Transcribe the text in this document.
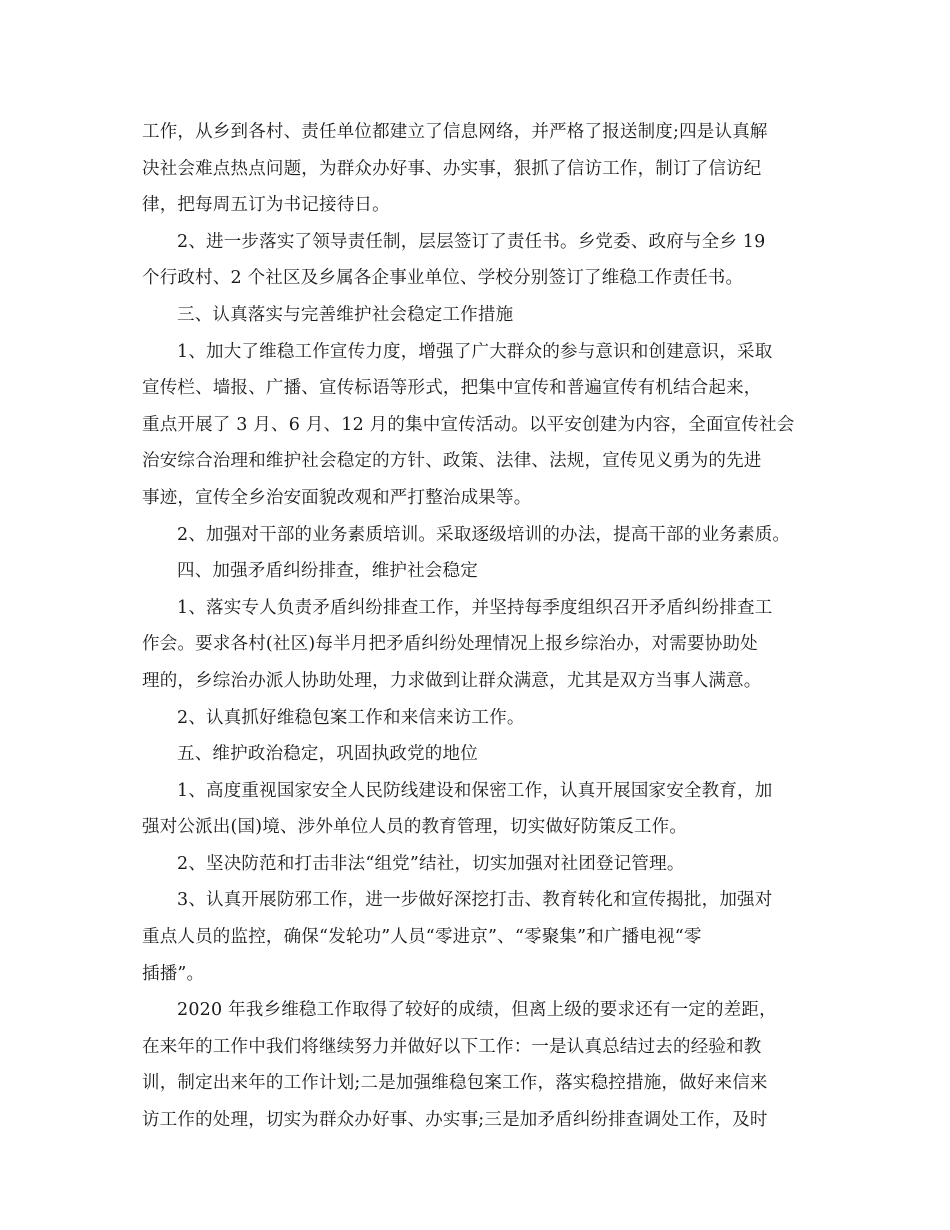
工作，从乡到各村、责任单位都建立了信息网络，并严格了报送制度;四是认真解
决社会难点热点问题，为群众办好事、办实事，狠抓了信访工作，制订了信访纪
律，把每周五订为书记接待日。
2、进一步落实了领导责任制，层层签订了责任书。乡党委、政府与全乡 19
个行政村、2 个社区及乡属各企事业单位、学校分别签订了维稳工作责任书。
三、认真落实与完善维护社会稳定工作措施
1、加大了维稳工作宣传力度，增强了广大群众的参与意识和创建意识，采取
宣传栏、墙报、广播、宣传标语等形式，把集中宣传和普遍宣传有机结合起来，
重点开展了 3 月、6 月、12 月的集中宣传活动。以平安创建为内容，全面宣传社会
治安综合治理和维护社会稳定的方针、政策、法律、法规，宣传见义勇为的先进
事迹，宣传全乡治安面貌改观和严打整治成果等。
2、加强对干部的业务素质培训。采取逐级培训的办法，提高干部的业务素质。
四、加强矛盾纠纷排查，维护社会稳定
1、落实专人负责矛盾纠纷排查工作，并坚持每季度组织召开矛盾纠纷排查工
作会。要求各村(社区)每半月把矛盾纠纷处理情况上报乡综治办，对需要协助处
理的，乡综治办派人协助处理，力求做到让群众满意，尤其是双方当事人满意。
2、认真抓好维稳包案工作和来信来访工作。
五、维护政治稳定，巩固执政党的地位
1、高度重视国家安全人民防线建设和保密工作，认真开展国家安全教育，加
强对公派出(国)境、涉外单位人员的教育管理，切实做好防策反工作。
2、坚决防范和打击非法“组党”结社，切实加强对社团登记管理。
3、认真开展防邪工作，进一步做好深挖打击、教育转化和宣传揭批，加强对
重点人员的监控，确保“发轮功”人员“零进京”、“零聚集”和广播电视“零
插播”。
2020 年我乡维稳工作取得了较好的成绩，但离上级的要求还有一定的差距，
在来年的工作中我们将继续努力并做好以下工作：一是认真总结过去的经验和教
训，制定出来年的工作计划;二是加强维稳包案工作，落实稳控措施，做好来信来
访工作的处理，切实为群众办好事、办实事;三是加矛盾纠纷排查调处工作，及时
